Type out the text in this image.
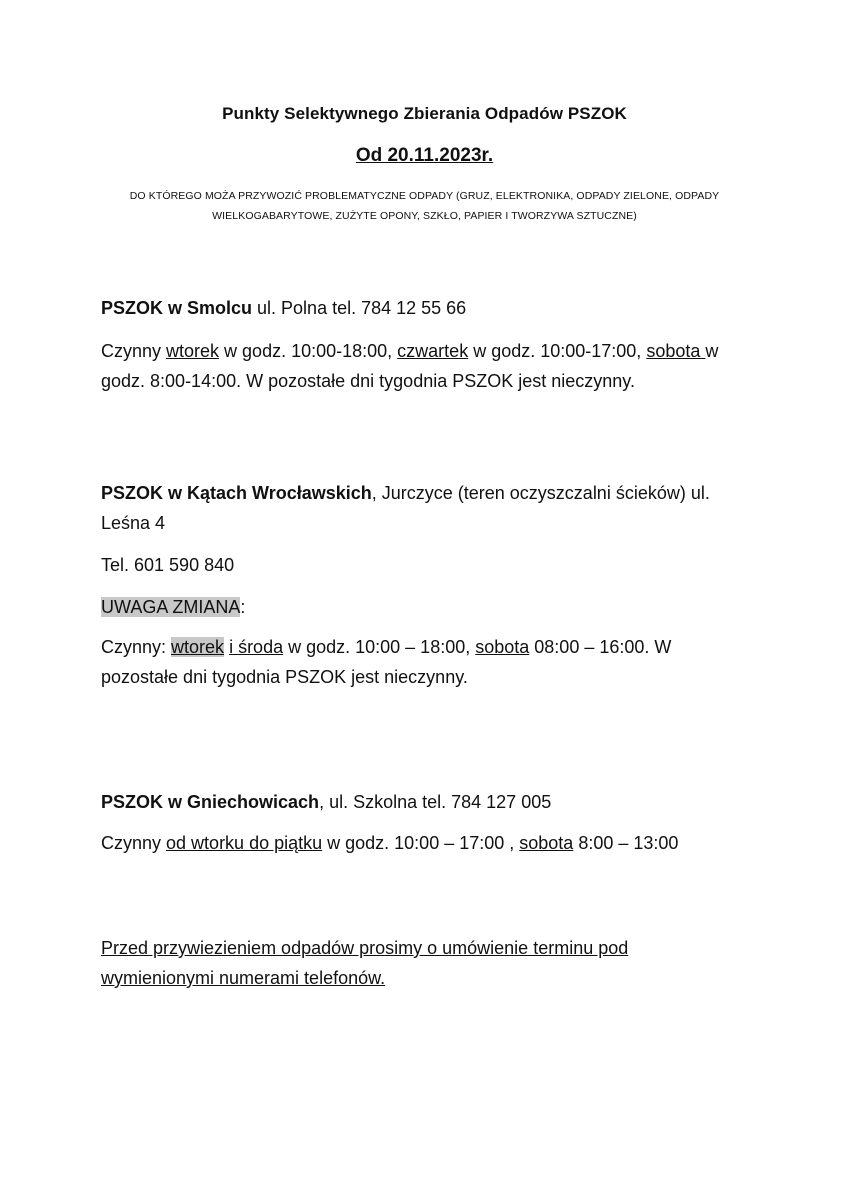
Punkty Selektywnego Zbierania Odpadów PSZOK
Od 20.11.2023r.
DO KTÓREGO MOŻA PRZYWOZIĆ PROBLEMATYCZNE ODPADY (GRUZ, ELEKTRONIKA, ODPADY ZIELONE, ODPADY WIELKOGABARYTOWE, ZUŻYTE OPONY, SZKŁO, PAPIER I TWORZYWA SZTUCZNE)
PSZOK w Smolcu ul. Polna tel. 784 12 55 66
Czynny wtorek w godz. 10:00-18:00, czwartek w godz. 10:00-17:00, sobota w godz. 8:00-14:00. W pozostałe dni tygodnia PSZOK jest nieczynny.
PSZOK w Kątach Wrocławskich, Jurczyce (teren oczyszczalni ścieków) ul. Leśna 4
Tel. 601 590 840
UWAGA ZMIANA:
Czynny: wtorek i środa w godz. 10:00 – 18:00, sobota 08:00 – 16:00. W pozostałe dni tygodnia PSZOK jest nieczynny.
PSZOK w Gniechowicach, ul. Szkolna tel. 784 127 005
Czynny od wtorku do piątku w godz. 10:00 – 17:00 , sobota 8:00 – 13:00
Przed przywiezieniem odpadów prosimy o umówienie terminu pod wymienionymi numerami telefonów.
